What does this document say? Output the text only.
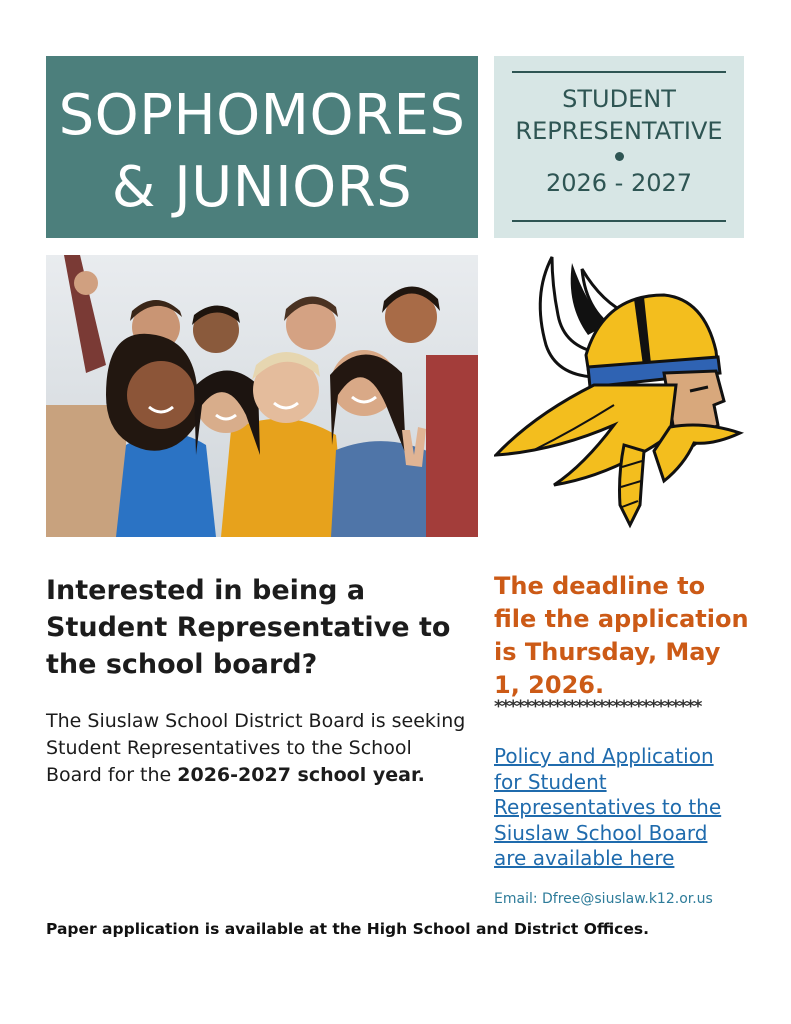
SOPHOMORES
& JUNIORS
STUDENT
REPRESENTATIVE
2026 - 2027
Interested in being a Student Representative to the school board?
The Siuslaw School District Board is seeking Student Representatives to the School Board for the 2026-2027 school year.
The deadline to file the application is Thursday, May 1, 2026.
****************************
Policy and Application for Student Representatives to the Siuslaw School Board are available here
Email: Dfree@siuslaw.k12.or.us
Paper application is available at the High School and District Offices.
